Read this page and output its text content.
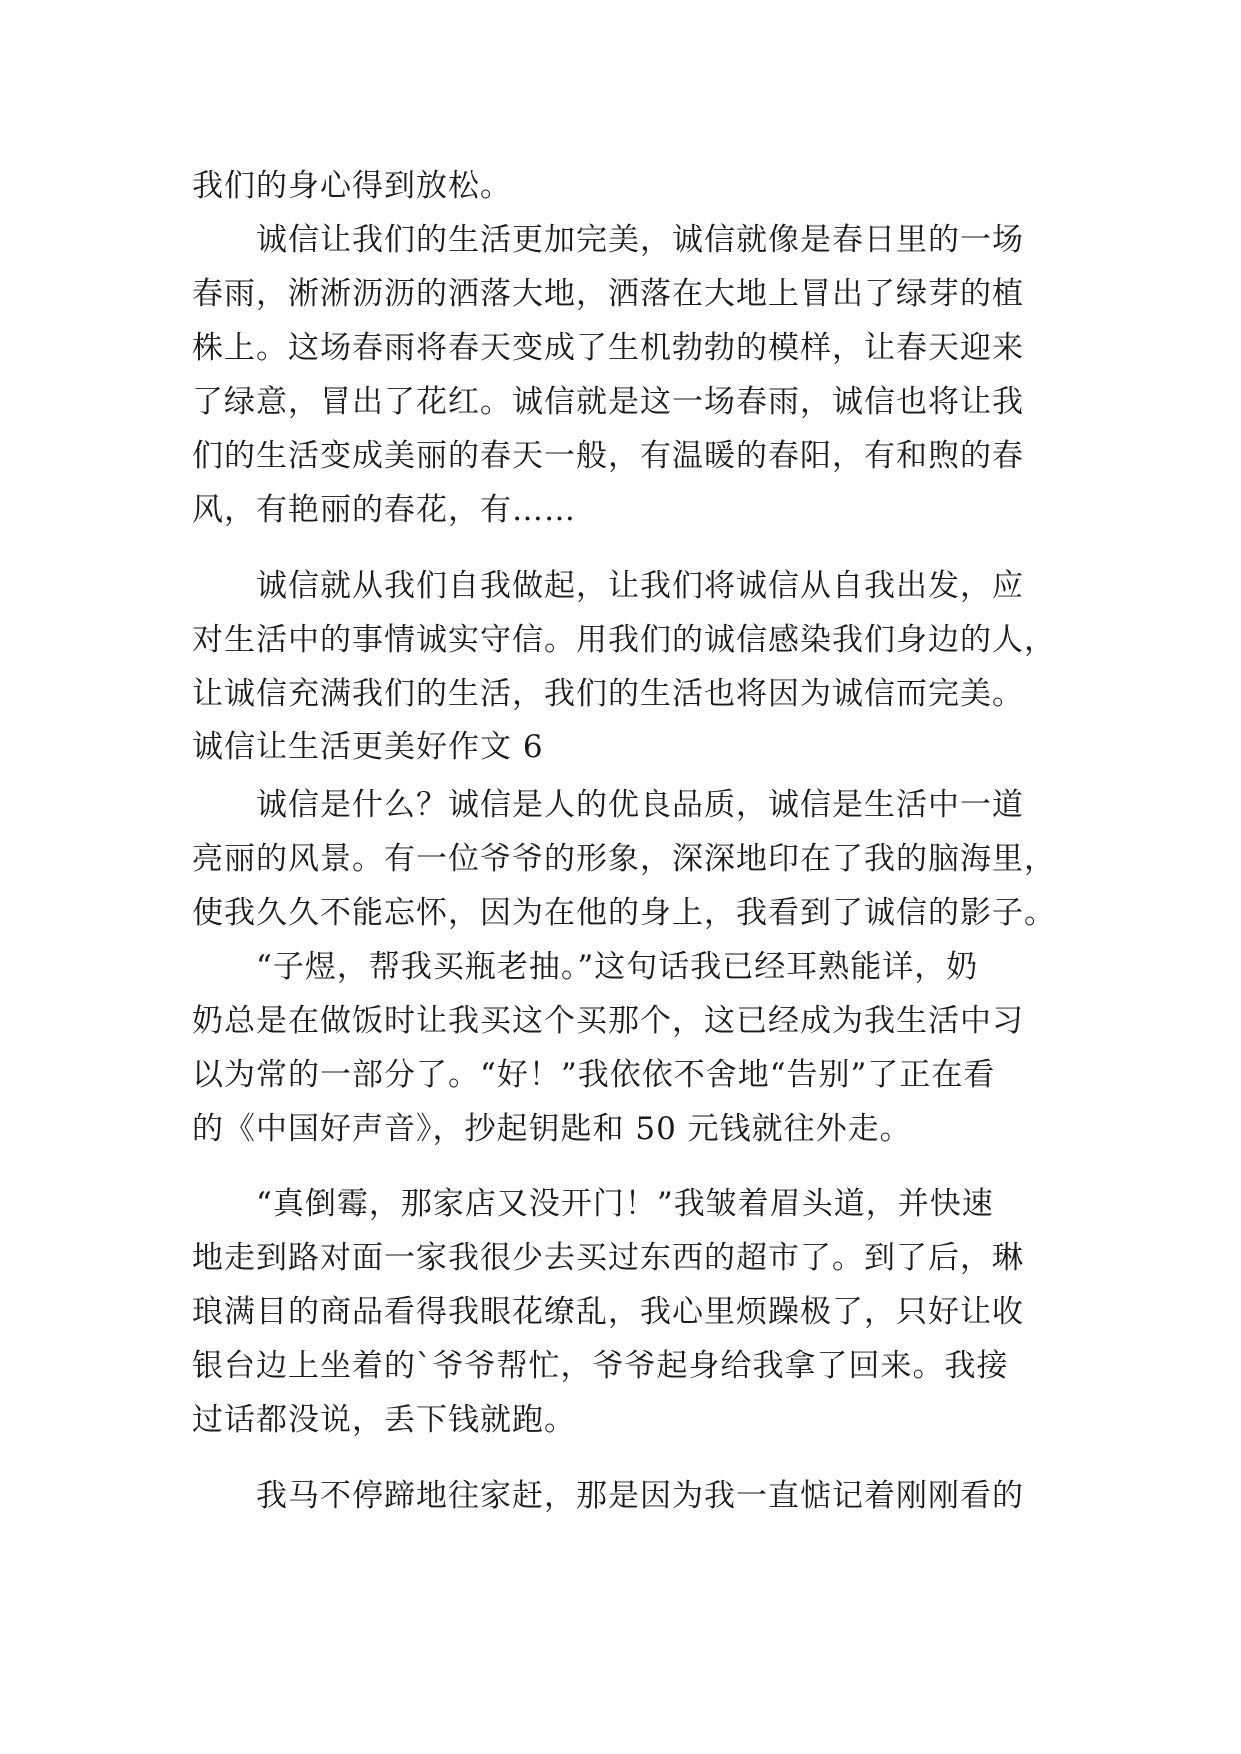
我们的身心得到放松。
诚信让我们的生活更加完美，诚信就像是春日里的一场
春雨，淅淅沥沥的洒落大地，洒落在大地上冒出了绿芽的植
株上。这场春雨将春天变成了生机勃勃的模样，让春天迎来
了绿意，冒出了花红。诚信就是这一场春雨，诚信也将让我
们的生活变成美丽的春天一般，有温暖的春阳，有和煦的春
风，有艳丽的春花，有……
诚信就从我们自我做起，让我们将诚信从自我出发，应
对生活中的事情诚实守信。用我们的诚信感染我们身边的人，
让诚信充满我们的生活，我们的生活也将因为诚信而完美。
诚信让生活更美好作文 6
诚信是什么？诚信是人的优良品质，诚信是生活中一道
亮丽的风景。有一位爷爷的形象，深深地印在了我的脑海里，
使我久久不能忘怀，因为在他的身上，我看到了诚信的影子。
“子煜，帮我买瓶老抽。”这句话我已经耳熟能详，奶
奶总是在做饭时让我买这个买那个，这已经成为我生活中习
以为常的一部分了。“好！”我依依不舍地“告别”了正在看
的《中国好声音》，抄起钥匙和 50 元钱就往外走。
“真倒霉，那家店又没开门！”我皱着眉头道，并快速
地走到路对面一家我很少去买过东西的超市了。到了后，琳
琅满目的商品看得我眼花缭乱，我心里烦躁极了，只好让收
银台边上坐着的`爷爷帮忙，爷爷起身给我拿了回来。我接
过话都没说，丢下钱就跑。
我马不停蹄地往家赶，那是因为我一直惦记着刚刚看的
